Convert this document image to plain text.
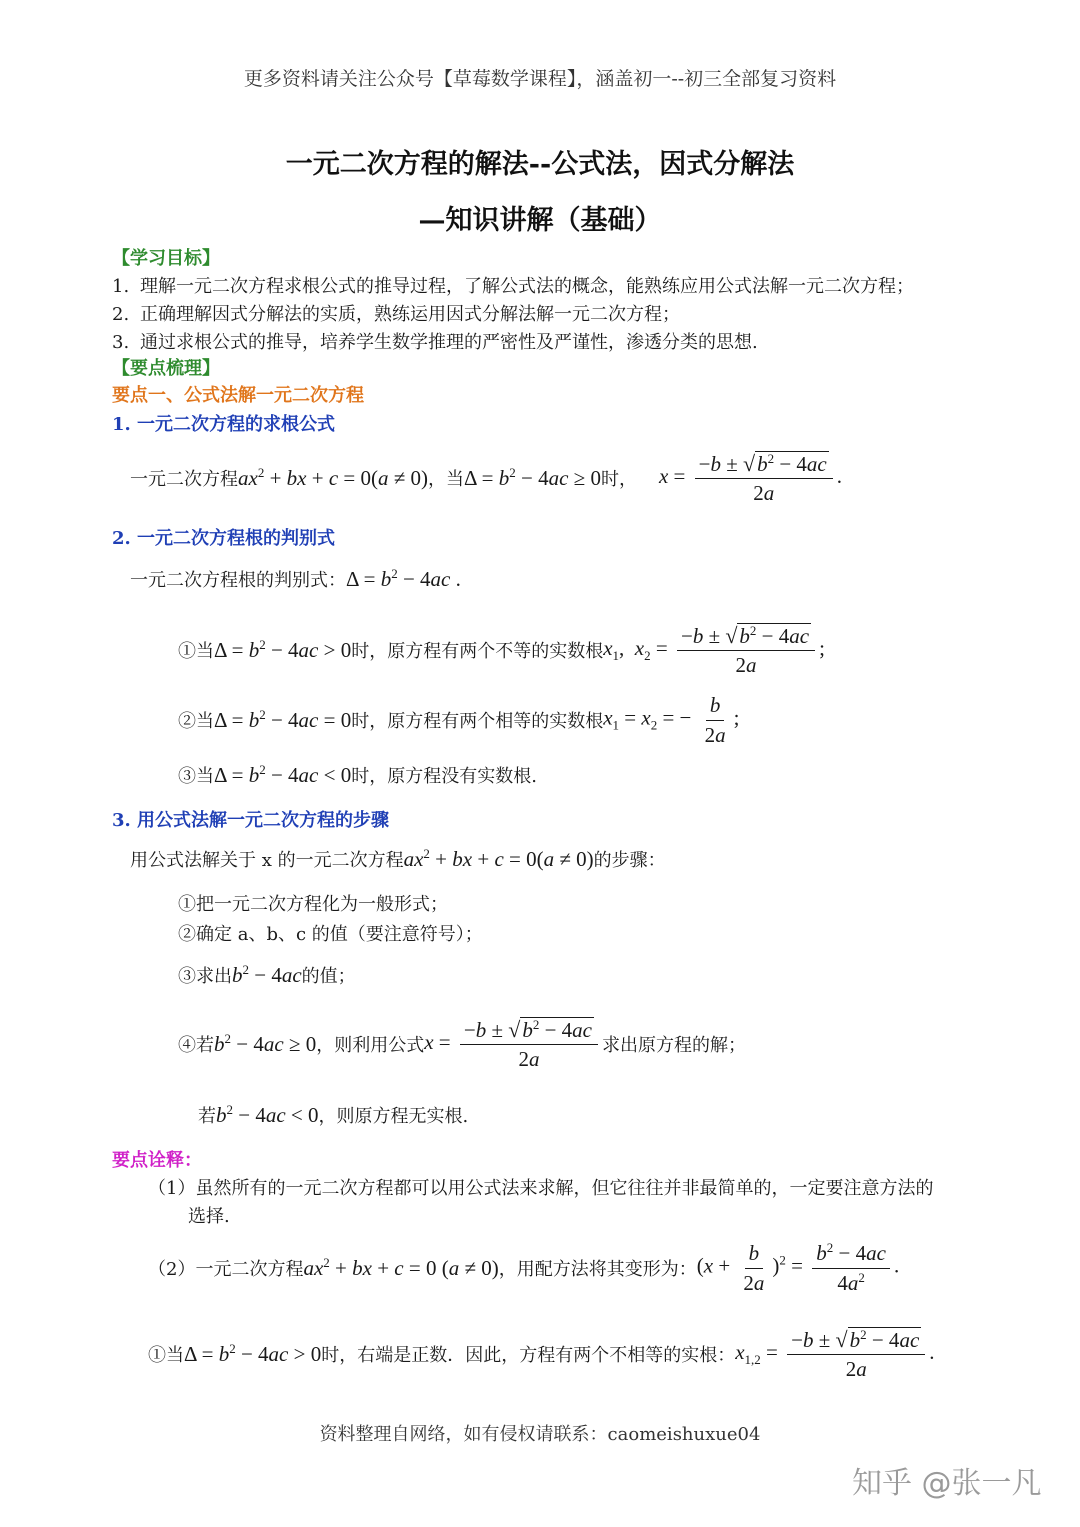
更多资料请关注公众号【草莓数学课程】，涵盖初一--初三全部复习资料
一元二次方程的解法--公式法，因式分解法
—知识讲解（基础）
【学习目标】
1. 理解一元二次方程求根公式的推导过程，了解公式法的概念，能熟练应用公式法解一元二次方程；
2. 正确理解因式分解法的实质，熟练运用因式分解法解一元二次方程；
3. 通过求根公式的推导，培养学生数学推理的严密性及严谨性，渗透分类的思想.
【要点梳理】
要点一、公式法解一元二次方程
1. 一元二次方程的求根公式
一元二次方程 $ax^2$ + bx + c = 0(a ≠ 0) ，当 $\Delta = b^2 - 4ac \ge 0$ 时， $x = \frac{-b \pm √b^2 - 4ac}{2a}$ .
2. 一元二次方程根的判别式
一元二次方程根的判别式：$\Delta = b^2 - 4ac$ .
①当 $\Delta = b^2 - 4ac > 0$ 时，原方程有两个不等的实数根 $x_1$,  $x_2 = \frac{-b \pm √b^2 - 4ac}{2a}$ ;
②当 $\Delta = b^2 - 4ac = 0$ 时，原方程有两个相等的实数根 $x_1 = x_2$ = − $\frac{b}{2a}$ ;
③当$\Delta = b^2 - 4ac < 0$时，原方程没有实数根.
3. 用公式法解一元二次方程的步骤
用公式法解关于 x 的一元二次方程$ax^2$ + bx + c = 0(a ≠ 0)的步骤：
①把一元二次方程化为一般形式；
②确定 a、b、c 的值（要注意符号）；
③求出$b^2 - 4ac$的值；
④若 $b^2 - 4ac \ge 0$ ，则利用公式 $x = \frac{-b \pm √b^2 - 4ac}{2a}$ 求出原方程的解；
若$b^2 - 4ac < 0$，则原方程无实根.
要点诠释：
（1）虽然所有的一元二次方程都可以用公式法来求解，但它往往并非最简单的，一定要注意方法的
选择.
（2）一元二次方程 $ax^2$ + bx + c = 0 (a ≠ 0) ，用配方法将其变形为： $(x + \frac{b}{2a} )^2 = \frac{b^2 - 4ac}{4a^2}$ .
①当 $\Delta = b^2 - 4ac > 0$ 时，右端是正数．因此，方程有两个不相等的实根： $x_{1,2} = \frac{-b \pm √b^2 - 4ac}{2a}$ .
资料整理自网络，如有侵权请联系：caomeishuxue04
知乎 @张一凡
